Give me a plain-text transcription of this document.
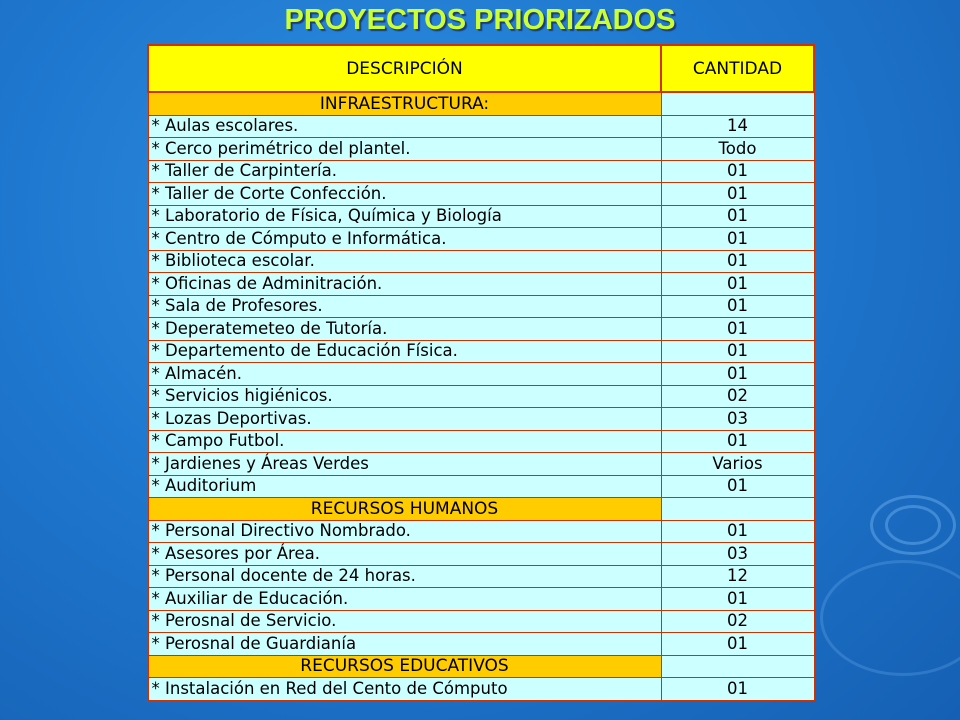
PROYECTOS PRIORIZADOS
DESCRIPCIÓN	CANTIDAD
INFRAESTRUCTURA:	
* Aulas escolares.	14
* Cerco perimétrico del plantel.	Todo
* Taller de Carpintería.	01
* Taller de Corte Confección.	01
* Laboratorio de Física, Química y Biología	01
* Centro de Cómputo e Informática.	01
* Biblioteca escolar.	01
* Oficinas de Adminitración.	01
* Sala de Profesores.	01
* Deperatemeteo de Tutoría.	01
* Departemento de Educación Física.	01
* Almacén.	01
* Servicios higiénicos.	02
* Lozas Deportivas.	03
* Campo Futbol.	01
* Jardienes y Áreas Verdes	Varios
* Auditorium	01
RECURSOS HUMANOS	
* Personal Directivo Nombrado.	01
* Asesores por Área.	03
* Personal docente de 24 horas.	12
* Auxiliar de Educación.	01
* Perosnal de Servicio.	02
* Perosnal de Guardianía	01
RECURSOS EDUCATIVOS	
* Instalación en Red del Cento de Cómputo	01
